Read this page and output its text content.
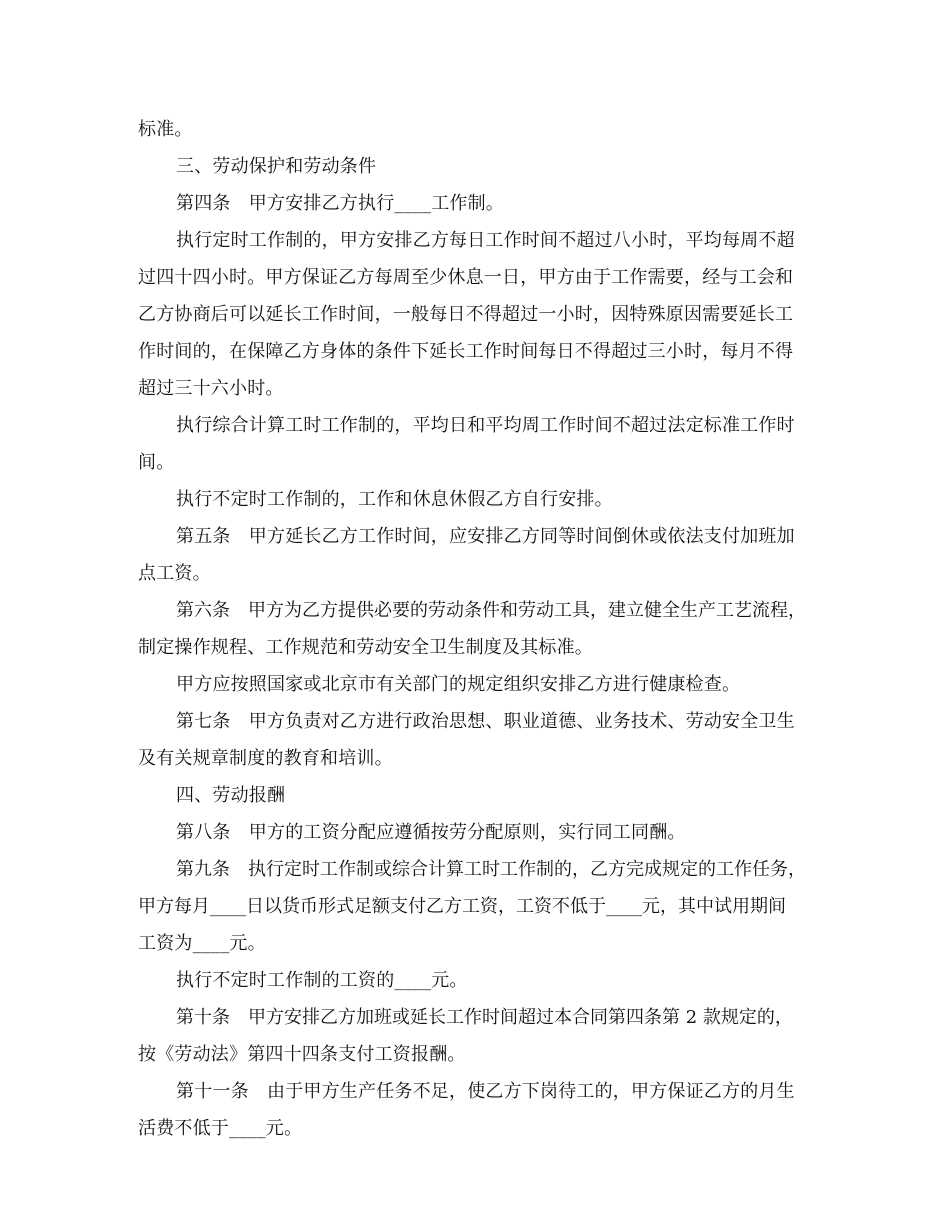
标准。

三、劳动保护和劳动条件

第四条　甲方安排乙方执行____工作制。

执行定时工作制的，甲方安排乙方每日工作时间不超过八小时，平均每周不超

过四十四小时。甲方保证乙方每周至少休息一日，甲方由于工作需要，经与工会和

乙方协商后可以延长工作时间，一般每日不得超过一小时，因特殊原因需要延长工

作时间的，在保障乙方身体的条件下延长工作时间每日不得超过三小时，每月不得

超过三十六小时。

执行综合计算工时工作制的，平均日和平均周工作时间不超过法定标准工作时

间。

执行不定时工作制的，工作和休息休假乙方自行安排。

第五条　甲方延长乙方工作时间，应安排乙方同等时间倒休或依法支付加班加

点工资。

第六条　甲方为乙方提供必要的劳动条件和劳动工具，建立健全生产工艺流程，

制定操作规程、工作规范和劳动安全卫生制度及其标准。

甲方应按照国家或北京市有关部门的规定组织安排乙方进行健康检查。

第七条　甲方负责对乙方进行政治思想、职业道德、业务技术、劳动安全卫生

及有关规章制度的教育和培训。

四、劳动报酬

第八条　甲方的工资分配应遵循按劳分配原则，实行同工同酬。

第九条　执行定时工作制或综合计算工时工作制的，乙方完成规定的工作任务，

甲方每月____日以货币形式足额支付乙方工资，工资不低于____元，其中试用期间

工资为____元。

执行不定时工作制的工资的____元。

第十条　甲方安排乙方加班或延长工作时间超过本合同第四条第 2 款规定的，

按《劳动法》第四十四条支付工资报酬。

第十一条　由于甲方生产任务不足，使乙方下岗待工的，甲方保证乙方的月生

活费不低于____元。
